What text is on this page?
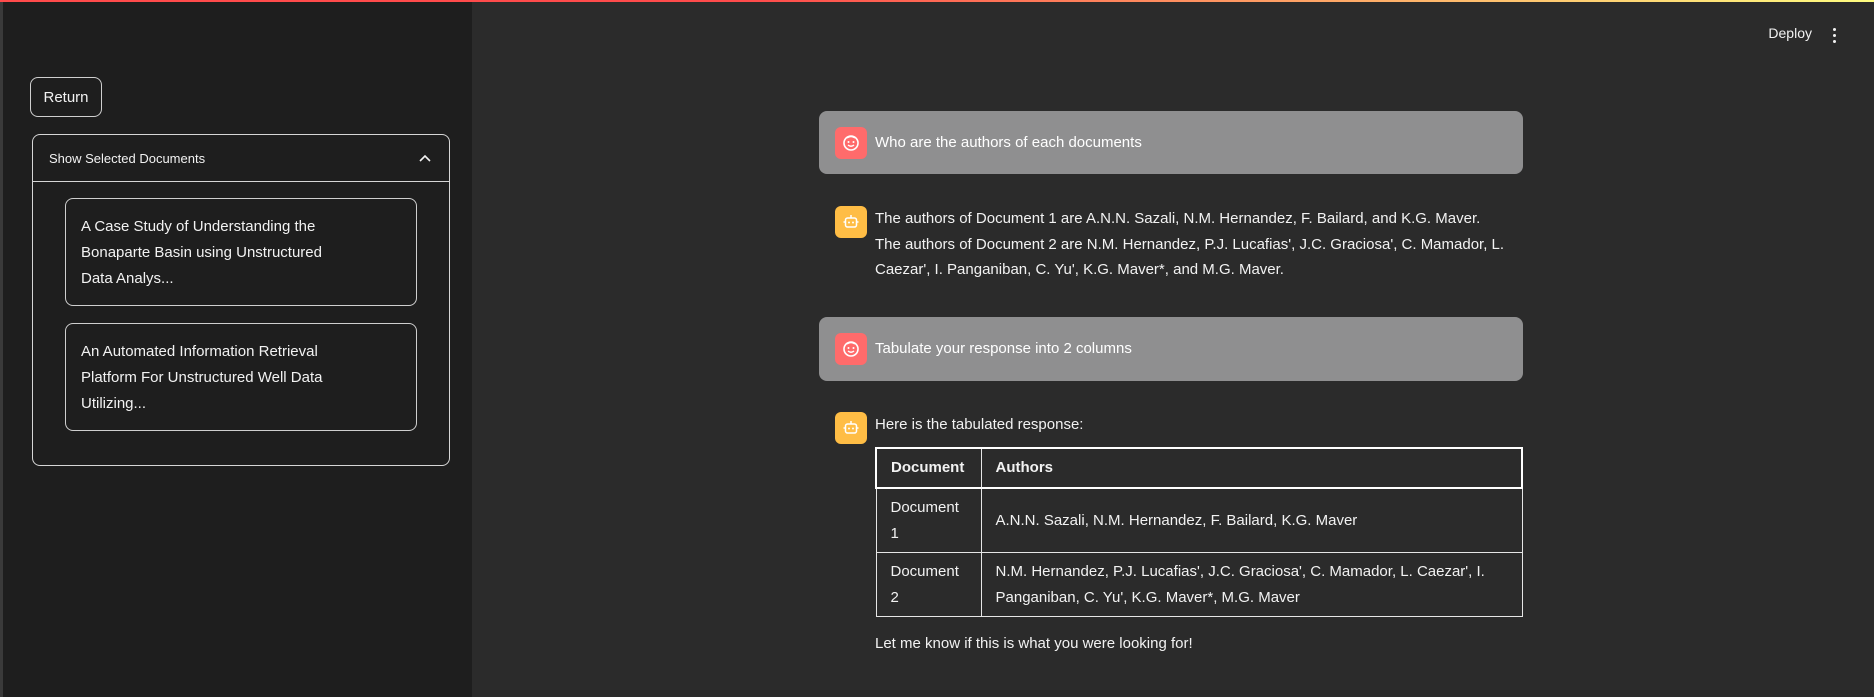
Return
Show Selected Documents
A Case Study of Understanding the Bonaparte Basin using Unstructured Data Analys...
An Automated Information Retrieval Platform For Unstructured Well Data Utilizing...
Deploy
Who are the authors of each documents
The authors of Document 1 are A.N.N. Sazali, N.M. Hernandez, F. Bailard, and K.G. Maver. The authors of Document 2 are N.M. Hernandez, P.J. Lucafias', J.C. Graciosa', C. Mamador, L. Caezar', I. Panganiban, C. Yu', K.G. Maver*, and M.G. Maver.
Tabulate your response into 2 columns
Here is the tabulated response:
Document	Authors
Document 1	A.N.N. Sazali, N.M. Hernandez, F. Bailard, K.G. Maver
Document 2	N.M. Hernandez, P.J. Lucafias', J.C. Graciosa', C. Mamador, L. Caezar', I. Panganiban, C. Yu', K.G. Maver*, M.G. Maver
Let me know if this is what you were looking for!
